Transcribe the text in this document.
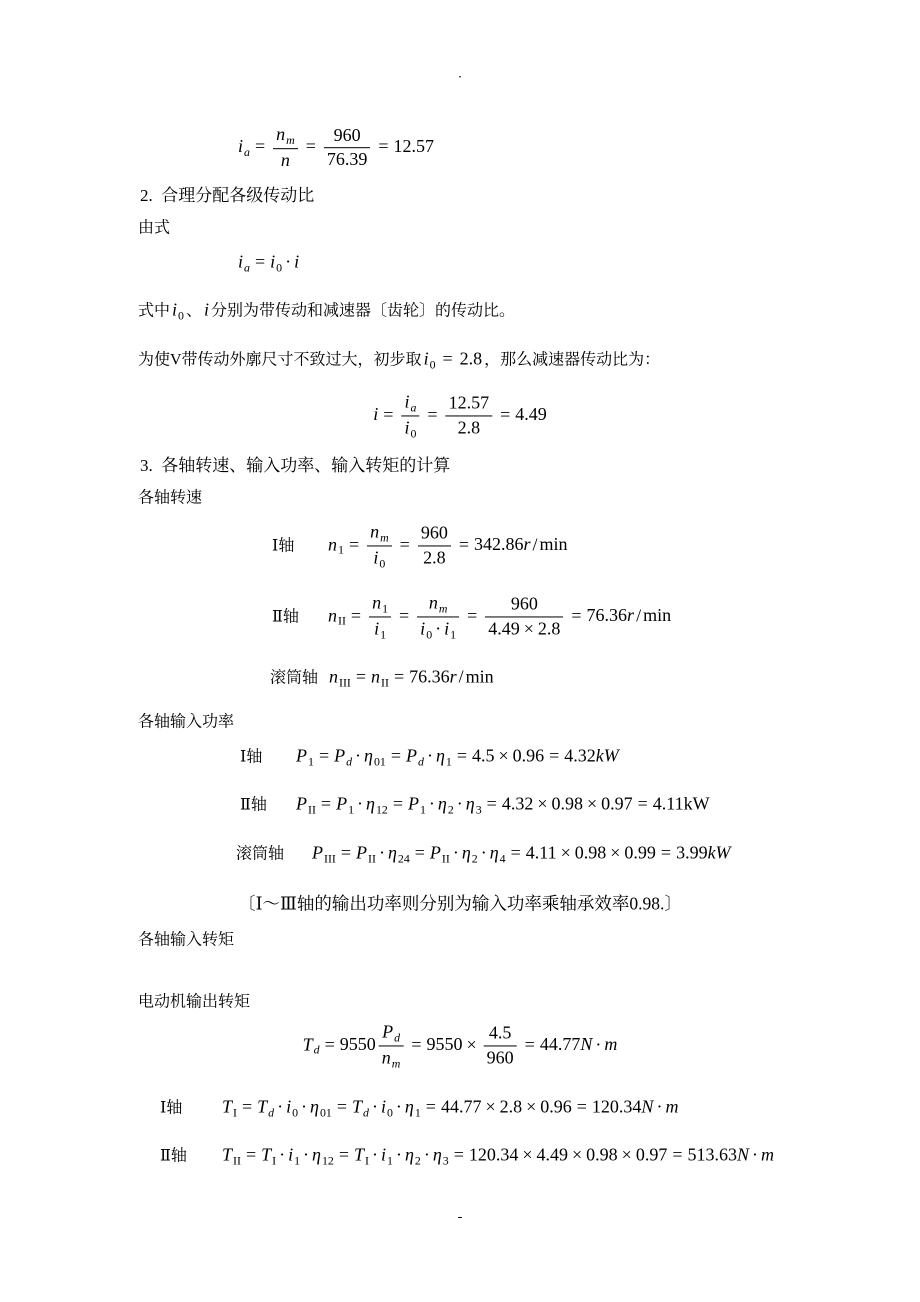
.
$i_a = \frac{n_m}{n} = \frac{960}{76.39} = 12.57$
2.  合理分配各级传动比
由式
$i_a = i_0 \cdot i$
式中 $i_0$ 、 i 分别为带传动和减速器〔齿轮〕的传动比。
为使V带传动外廓尺寸不致过大，初步取 $i_0 = 2.8$ ，那么减速器传动比为：
$i = \frac{i_a}{i_0} = \frac{12.57}{2.8} = 4.49$
3.  各轴转速、输入功率、输入转矩的计算
各轴转速
Ⅰ轴 $n_1 = \frac{n_m}{i_0} = \frac{960}{2.8} = 342.86r / \min$
Ⅱ轴 $n_{II} = \frac{n_1}{i_1} = \frac{n_m}{i_0 \cdot i_1} = \frac{960}{4.49 \times 2.8} = 76.36r / \min$
滚筒轴 $n_{III} = n_{II} = 76.36r / \min$
各轴输入功率
Ⅰ轴 $P_1 = P_d \cdot \eta_{01} = P_d \cdot \eta_1 = 4.5 \times 0.96 = 4.32kW$
Ⅱ轴 $P_{II} = P_1 \cdot \eta_{12} = P_1 \cdot \eta_2 \cdot \eta_3 = 4.32 \times 0.98 \times 0.97 = 4.11kW$
滚筒轴 $P_{III} = P_{II} \cdot \eta_{24} = P_{II} \cdot \eta_2 \cdot \eta_4 = 4.11 \times 0.98 \times 0.99 = 3.99kW$
〔Ⅰ～Ⅲ轴的输出功率则分别为输入功率乘轴承效率0.98.〕
各轴输入转矩
电动机输出转矩
$T_d = 9550 \frac{P_d}{n_m} = 9550 \times \frac{4.5}{960} = 44.77N \cdot m$
Ⅰ轴 $T_I = T_d \cdot i_0 \cdot \eta_{01} = T_d \cdot i_0 \cdot \eta_1 = 44.77 \times 2.8 \times 0.96 = 120.34N \cdot m$
Ⅱ轴 $T_{II} = T_I \cdot i_1 \cdot \eta_{12} = T_I \cdot i_1 \cdot \eta_2 \cdot \eta_3 = 120.34 \times 4.49 \times 0.98 \times 0.97 = 513.63N \cdot m$
-
